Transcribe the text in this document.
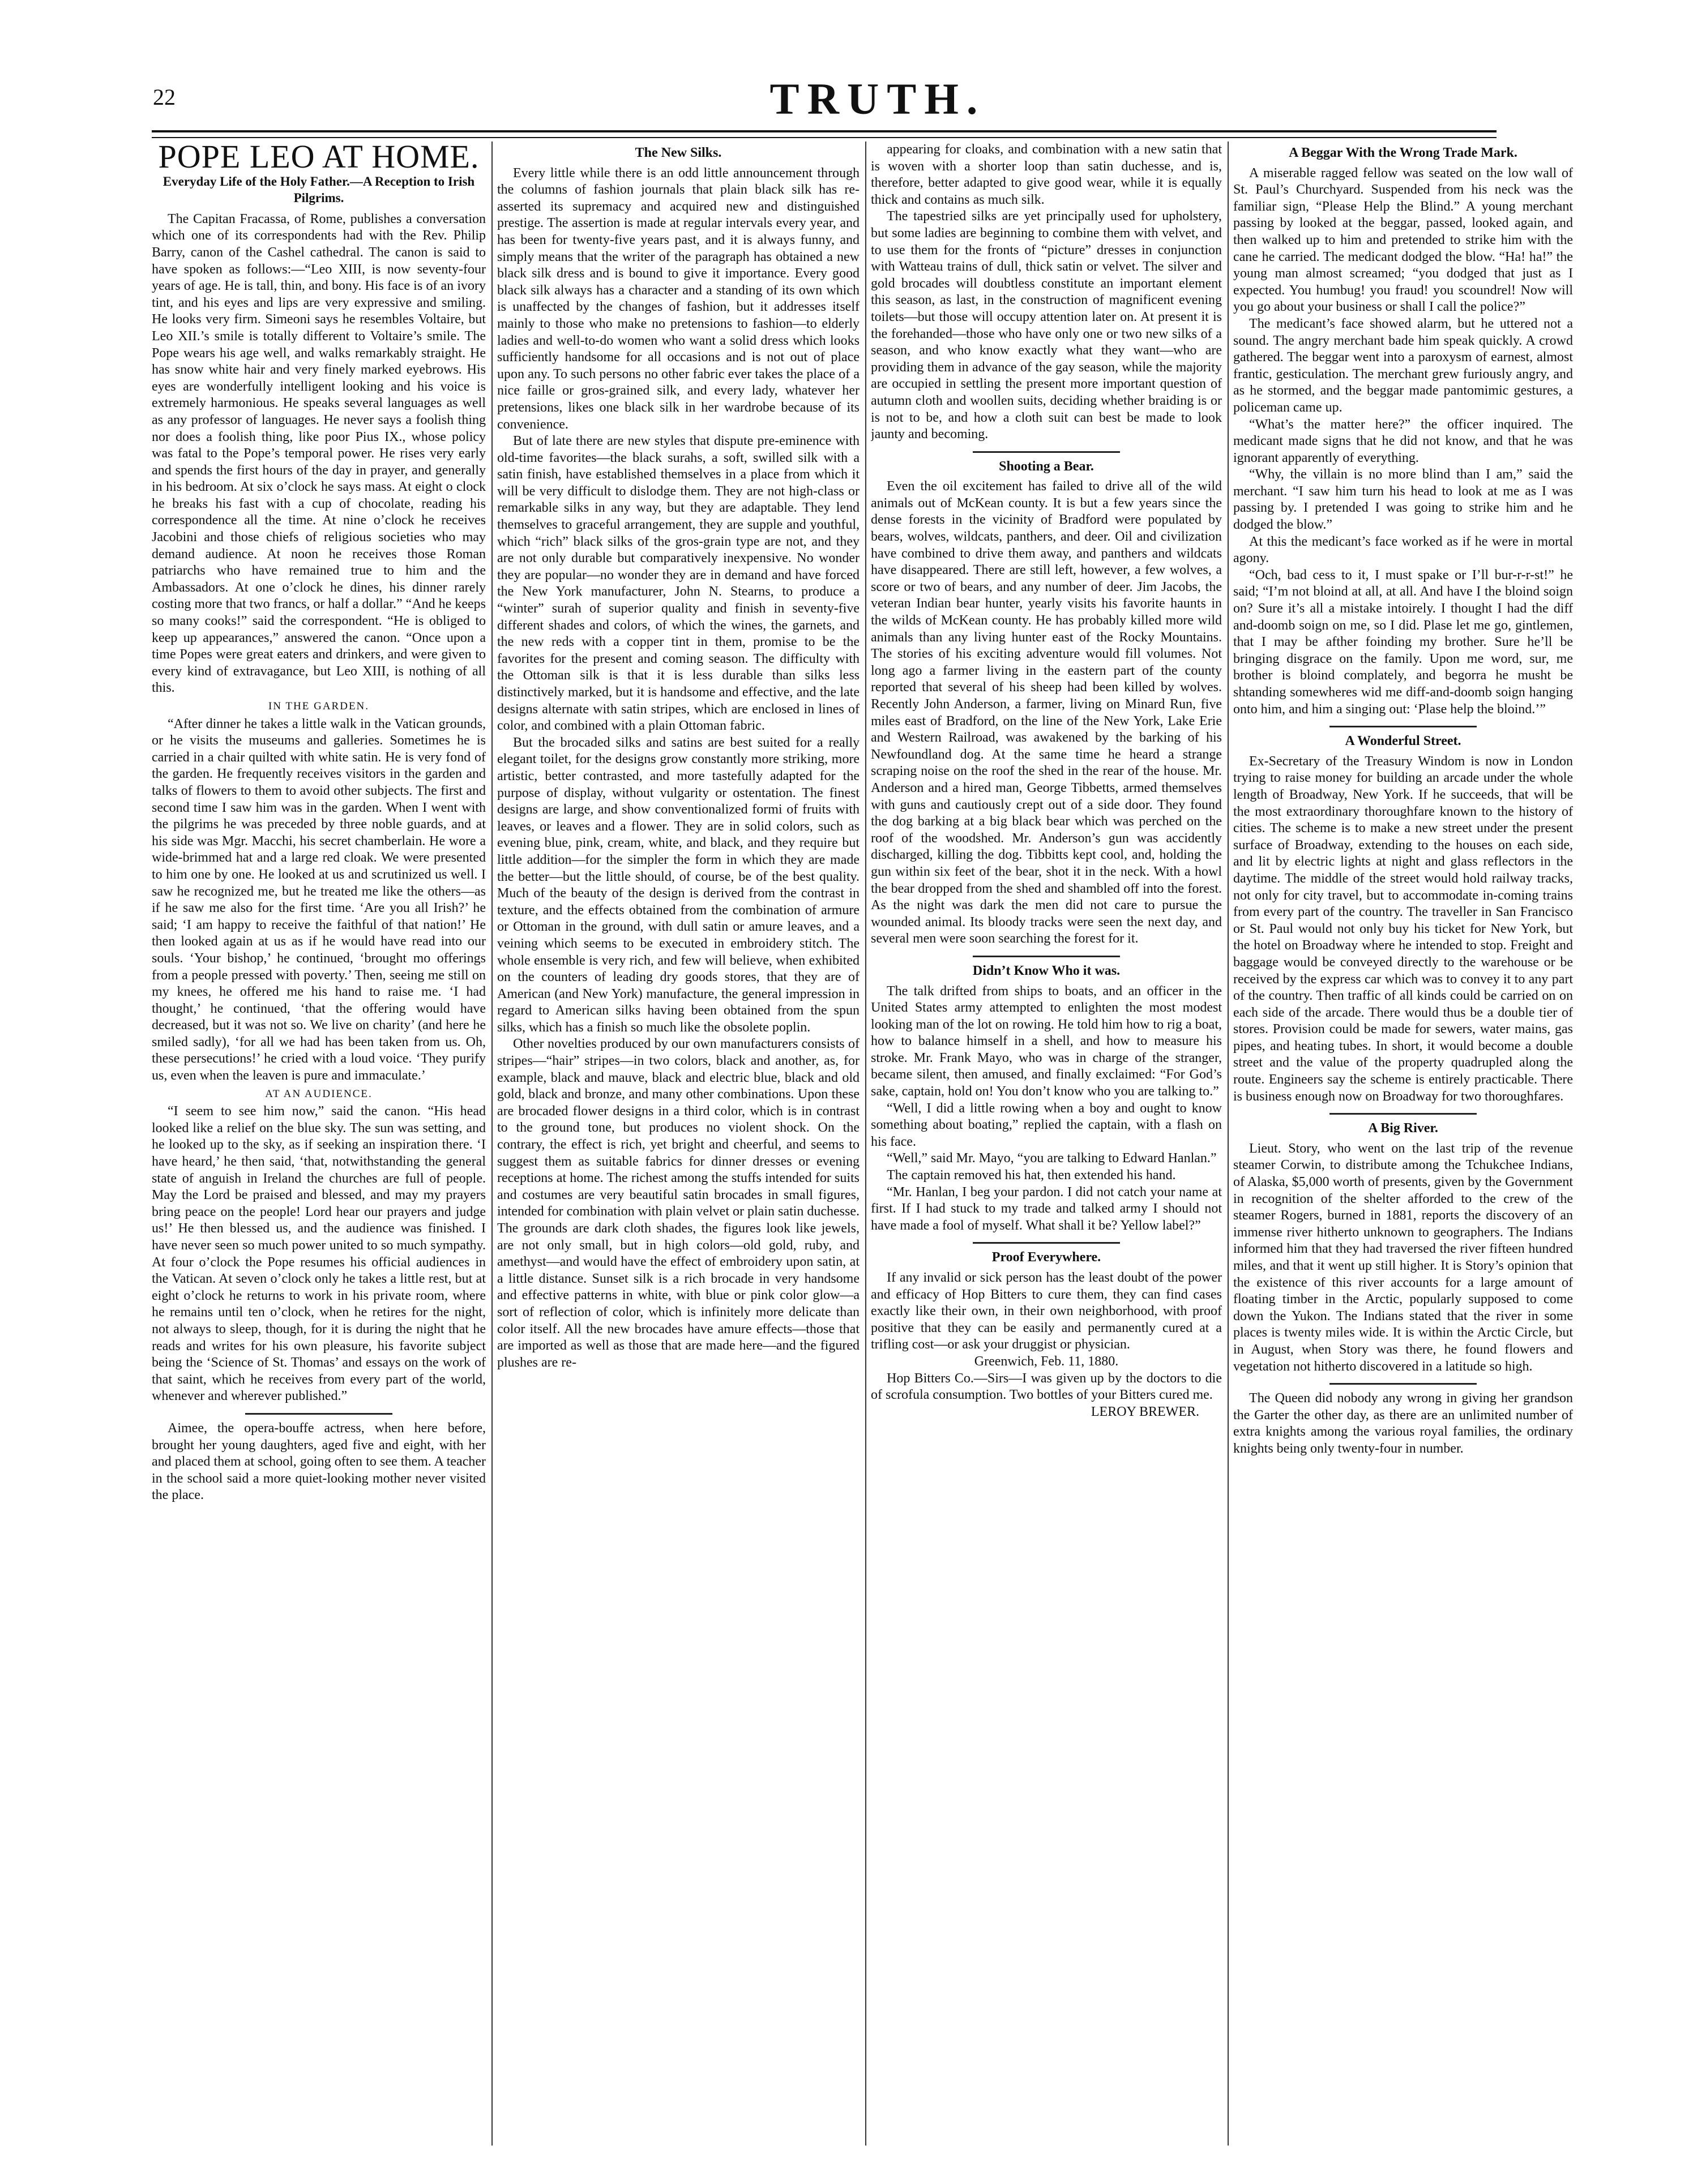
22	TRUTH.
POPE LEO AT HOME.
Everyday Life of the Holy Father.—A Reception to Irish Pilgrims.

The Capitan Fracassa, of Rome, publishes a conversation which one of its correspondents had with the Rev. Philip Barry, canon of the Cashel cathedral. The canon is said to have spoken as follows:—“Leo XIII, is now seventy-four years of age. He is tall, thin, and bony. His face is of an ivory tint, and his eyes and lips are very expressive and smiling. He looks very firm. Simeoni says he resembles Voltaire, but Leo XII.’s smile is totally different to Voltaire’s smile. The Pope wears his age well, and walks remarkably straight. He has snow white hair and very finely marked eyebrows. His eyes are wonderfully intelligent looking and his voice is extremely harmonious. He speaks several languages as well as any professor of languages. He never says a foolish thing nor does a foolish thing, like poor Pius IX., whose policy was fatal to the Pope’s temporal power. He rises very early and spends the first hours of the day in prayer, and generally in his bedroom. At six o’clock he says mass. At eight o clock he breaks his fast with a cup of chocolate, reading his correspondence all the time. At nine o’clock he receives Jacobini and those chiefs of religious societies who may demand audience. At noon he receives those Roman patriarchs who have remained true to him and the Ambassadors. At one o’clock he dines, his dinner rarely costing more that two francs, or half a dollar.” “And he keeps so many cooks!” said the correspondent. “He is obliged to keep up appearances,” answered the canon. “Once upon a time Popes were great eaters and drinkers, and were given to every kind of extravagance, but Leo XIII, is nothing of all this.

IN THE GARDEN.

“After dinner he takes a little walk in the Vatican grounds, or he visits the museums and galleries. Sometimes he is carried in a chair quilted with white satin. He is very fond of the garden. He frequently receives visitors in the garden and talks of flowers to them to avoid other subjects. The first and second time I saw him was in the garden. When I went with the pilgrims he was preceded by three noble guards, and at his side was Mgr. Macchi, his secret chamberlain. He wore a wide-brimmed hat and a large red cloak. We were presented to him one by one. He looked at us and scrutinized us well. I saw he recognized me, but he treated me like the others—as if he saw me also for the first time. ‘Are you all Irish?’ he said; ‘I am happy to receive the faithful of that nation!’ He then looked again at us as if he would have read into our souls. ‘Your bishop,’ he continued, ‘brought mo offerings from a people pressed with poverty.’ Then, seeing me still on my knees, he offered me his hand to raise me. ‘I had thought,’ he continued, ‘that the offering would have decreased, but it was not so. We live on charity’ (and here he smiled sadly), ‘for all we had has been taken from us. Oh, these persecutions!’ he cried with a loud voice. ‘They purify us, even when the leaven is pure and immaculate.’

AT AN AUDIENCE.

“I seem to see him now,” said the canon. “His head looked like a relief on the blue sky. The sun was setting, and he looked up to the sky, as if seeking an inspiration there. ‘I have heard,’ he then said, ‘that, notwithstanding the general state of anguish in Ireland the churches are full of people. May the Lord be praised and blessed, and may my prayers bring peace on the people! Lord hear our prayers and judge us!’ He then blessed us, and the audience was finished. I have never seen so much power united to so much sympathy. At four o’clock the Pope resumes his official audiences in the Vatican. At seven o’clock only he takes a little rest, but at eight o’clock he returns to work in his private room, where he remains until ten o’clock, when he retires for the night, not always to sleep, though, for it is during the night that he reads and writes for his own pleasure, his favorite subject being the ‘Science of St. Thomas’ and essays on the work of that saint, which he receives from every part of the world, whenever and wherever published.”

Aimee, the opera-bouffe actress, when here before, brought her young daughters, aged five and eight, with her and placed them at school, going often to see them. A teacher in the school said a more quiet-looking mother never visited the place.

The New Silks.

Every little while there is an odd little announcement through the columns of fashion journals that plain black silk has re-asserted its supremacy and acquired new and distinguished prestige. The assertion is made at regular intervals every year, and has been for twenty-five years past, and it is always funny, and simply means that the writer of the paragraph has obtained a new black silk dress and is bound to give it importance. Every good black silk always has a character and a standing of its own which is unaffected by the changes of fashion, but it addresses itself mainly to those who make no pretensions to fashion—to elderly ladies and well-to-do women who want a solid dress which looks sufficiently handsome for all occasions and is not out of place upon any. To such persons no other fabric ever takes the place of a nice faille or gros-grained silk, and every lady, whatever her pretensions, likes one black silk in her wardrobe because of its convenience.

But of late there are new styles that dispute pre-eminence with old-time favorites—the black surahs, a soft, swilled silk with a satin finish, have established themselves in a place from which it will be very difficult to dislodge them. They are not high-class or remarkable silks in any way, but they are adaptable. They lend themselves to graceful arrangement, they are supple and youthful, which “rich” black silks of the gros-grain type are not, and they are not only durable but comparatively inexpensive. No wonder they are popular—no wonder they are in demand and have forced the New York manufacturer, John N. Stearns, to produce a “winter” surah of superior quality and finish in seventy-five different shades and colors, of which the wines, the garnets, and the new reds with a copper tint in them, promise to be the favorites for the present and coming season. The difficulty with the Ottoman silk is that it is less durable than silks less distinctively marked, but it is handsome and effective, and the late designs alternate with satin stripes, which are enclosed in lines of color, and combined with a plain Ottoman fabric.

But the brocaded silks and satins are best suited for a really elegant toilet, for the designs grow constantly more striking, more artistic, better contrasted, and more tastefully adapted for the purpose of display, without vulgarity or ostentation. The finest designs are large, and show conventionalized formi of fruits with leaves, or leaves and a flower. They are in solid colors, such as evening blue, pink, cream, white, and black, and they require but little addition—for the simpler the form in which they are made the better—but the little should, of course, be of the best quality. Much of the beauty of the design is derived from the contrast in texture, and the effects obtained from the combination of armure or Ottoman in the ground, with dull satin or amure leaves, and a veining which seems to be executed in embroidery stitch. The whole ensemble is very rich, and few will believe, when exhibited on the counters of leading dry goods stores, that they are of American (and New York) manufacture, the general impression in regard to American silks having been obtained from the spun silks, which has a finish so much like the obsolete poplin.

Other novelties produced by our own manufacturers consists of stripes—“hair” stripes—in two colors, black and another, as, for example, black and mauve, black and electric blue, black and old gold, black and bronze, and many other combinations. Upon these are brocaded flower designs in a third color, which is in contrast to the ground tone, but produces no violent shock. On the contrary, the effect is rich, yet bright and cheerful, and seems to suggest them as suitable fabrics for dinner dresses or evening receptions at home. The richest among the stuffs intended for suits and costumes are very beautiful satin brocades in small figures, intended for combination with plain velvet or plain satin duchesse. The grounds are dark cloth shades, the figures look like jewels, are not only small, but in high colors—old gold, ruby, and amethyst—and would have the effect of embroidery upon satin, at a little distance. Sunset silk is a rich brocade in very handsome and effective patterns in white, with blue or pink color glow—a sort of reflection of color, which is infinitely more delicate than color itself. All the new brocades have amure effects—those that are imported as well as those that are made here—and the figured plushes are re-

appearing for cloaks, and combination with a new satin that is woven with a shorter loop than satin duchesse, and is, therefore, better adapted to give good wear, while it is equally thick and contains as much silk.

The tapestried silks are yet principally used for upholstery, but some ladies are beginning to combine them with velvet, and to use them for the fronts of “picture” dresses in conjunction with Watteau trains of dull, thick satin or velvet. The silver and gold brocades will doubtless constitute an important element this season, as last, in the construction of magnificent evening toilets—but those will occupy attention later on. At present it is the forehanded—those who have only one or two new silks of a season, and who know exactly what they want—who are providing them in advance of the gay season, while the majority are occupied in settling the present more important question of autumn cloth and woollen suits, deciding whether braiding is or is not to be, and how a cloth suit can best be made to look jaunty and becoming.

Shooting a Bear.

Even the oil excitement has failed to drive all of the wild animals out of McKean county. It is but a few years since the dense forests in the vicinity of Bradford were populated by bears, wolves, wildcats, panthers, and deer. Oil and civilization have combined to drive them away, and panthers and wildcats have disappeared. There are still left, however, a few wolves, a score or two of bears, and any number of deer. Jim Jacobs, the veteran Indian bear hunter, yearly visits his favorite haunts in the wilds of McKean county. He has probably killed more wild animals than any living hunter east of the Rocky Mountains. The stories of his exciting adventure would fill volumes. Not long ago a farmer living in the eastern part of the county reported that several of his sheep had been killed by wolves. Recently John Anderson, a farmer, living on Minard Run, five miles east of Bradford, on the line of the New York, Lake Erie and Western Railroad, was awakened by the barking of his Newfoundland dog. At the same time he heard a strange scraping noise on the roof the shed in the rear of the house. Mr. Anderson and a hired man, George Tibbetts, armed themselves with guns and cautiously crept out of a side door. They found the dog barking at a big black bear which was perched on the roof of the woodshed. Mr. Anderson’s gun was accidently discharged, killing the dog. Tibbitts kept cool, and, holding the gun within six feet of the bear, shot it in the neck. With a howl the bear dropped from the shed and shambled off into the forest. As the night was dark the men did not care to pursue the wounded animal. Its bloody tracks were seen the next day, and several men were soon searching the forest for it.

Didn’t Know Who it was.

The talk drifted from ships to boats, and an officer in the United States army attempted to enlighten the most modest looking man of the lot on rowing. He told him how to rig a boat, how to balance himself in a shell, and how to measure his stroke. Mr. Frank Mayo, who was in charge of the stranger, became silent, then amused, and finally exclaimed: “For God’s sake, captain, hold on! You don’t know who you are talking to.”

“Well, I did a little rowing when a boy and ought to know something about boating,” replied the captain, with a flash on his face.

“Well,” said Mr. Mayo, “you are talking to Edward Hanlan.”

The captain removed his hat, then extended his hand.

“Mr. Hanlan, I beg your pardon. I did not catch your name at first. If I had stuck to my trade and talked army I should not have made a fool of myself. What shall it be? Yellow label?”

Proof Everywhere.

If any invalid or sick person has the least doubt of the power and efficacy of Hop Bitters to cure them, they can find cases exactly like their own, in their own neighborhood, with proof positive that they can be easily and permanently cured at a trifling cost—or ask your druggist or physician.

Greenwich, Feb. 11, 1880.

Hop Bitters Co.—Sirs—I was given up by the doctors to die of scrofula consumption. Two bottles of your Bitters cured me.

LEROY BREWER.

A Beggar With the Wrong Trade Mark.

A miserable ragged fellow was seated on the low wall of St. Paul’s Churchyard. Suspended from his neck was the familiar sign, “Please Help the Blind.” A young merchant passing by looked at the beggar, passed, looked again, and then walked up to him and pretended to strike him with the cane he carried. The medicant dodged the blow. “Ha! ha!” the young man almost screamed; “you dodged that just as I expected. You humbug! you fraud! you scoundrel! Now will you go about your business or shall I call the police?”

The medicant’s face showed alarm, but he uttered not a sound. The angry merchant bade him speak quickly. A crowd gathered. The beggar went into a paroxysm of earnest, almost frantic, gesticulation. The merchant grew furiously angry, and as he stormed, and the beggar made pantomimic gestures, a policeman came up.

“What’s the matter here?” the officer inquired. The medicant made signs that he did not know, and that he was ignorant apparently of everything.

“Why, the villain is no more blind than I am,” said the merchant. “I saw him turn his head to look at me as I was passing by. I pretended I was going to strike him and he dodged the blow.”

At this the medicant’s face worked as if he were in mortal agony.

“Och, bad cess to it, I must spake or I’ll bur-r-r-st!” he said; “I’m not bloind at all, at all. And have I the bloind soign on? Sure it’s all a mistake intoirely. I thought I had the diff and-doomb soign on me, so I did. Plase let me go, gintlemen, that I may be afther foinding my brother. Sure he’ll be bringing disgrace on the family. Upon me word, sur, me brother is bloind complately, and begorra he musht be shtanding somewheres wid me diff-and-doomb soign hanging onto him, and him a singing out: ‘Plase help the bloind.’”

A Wonderful Street.

Ex-Secretary of the Treasury Windom is now in London trying to raise money for building an arcade under the whole length of Broadway, New York. If he succeeds, that will be the most extraordinary thoroughfare known to the history of cities. The scheme is to make a new street under the present surface of Broadway, extending to the houses on each side, and lit by electric lights at night and glass reflectors in the daytime. The middle of the street would hold railway tracks, not only for city travel, but to accommodate in-coming trains from every part of the country. The traveller in San Francisco or St. Paul would not only buy his ticket for New York, but the hotel on Broadway where he intended to stop. Freight and baggage would be conveyed directly to the warehouse or be received by the express car which was to convey it to any part of the country. Then traffic of all kinds could be carried on on each side of the arcade. There would thus be a double tier of stores. Provision could be made for sewers, water mains, gas pipes, and heating tubes. In short, it would become a double street and the value of the property quadrupled along the route. Engineers say the scheme is entirely practicable. There is business enough now on Broadway for two thoroughfares.

A Big River.

Lieut. Story, who went on the last trip of the revenue steamer Corwin, to distribute among the Tchukchee Indians, of Alaska, $5,000 worth of presents, given by the Government in recognition of the shelter afforded to the crew of the steamer Rogers, burned in 1881, reports the discovery of an immense river hitherto unknown to geographers. The Indians informed him that they had traversed the river fifteen hundred miles, and that it went up still higher. It is Story’s opinion that the existence of this river accounts for a large amount of floating timber in the Arctic, popularly supposed to come down the Yukon. The Indians stated that the river in some places is twenty miles wide. It is within the Arctic Circle, but in August, when Story was there, he found flowers and vegetation not hitherto discovered in a latitude so high.

The Queen did nobody any wrong in giving her grandson the Garter the other day, as there are an unlimited number of extra knights among the various royal families, the ordinary knights being only twenty-four in number.
